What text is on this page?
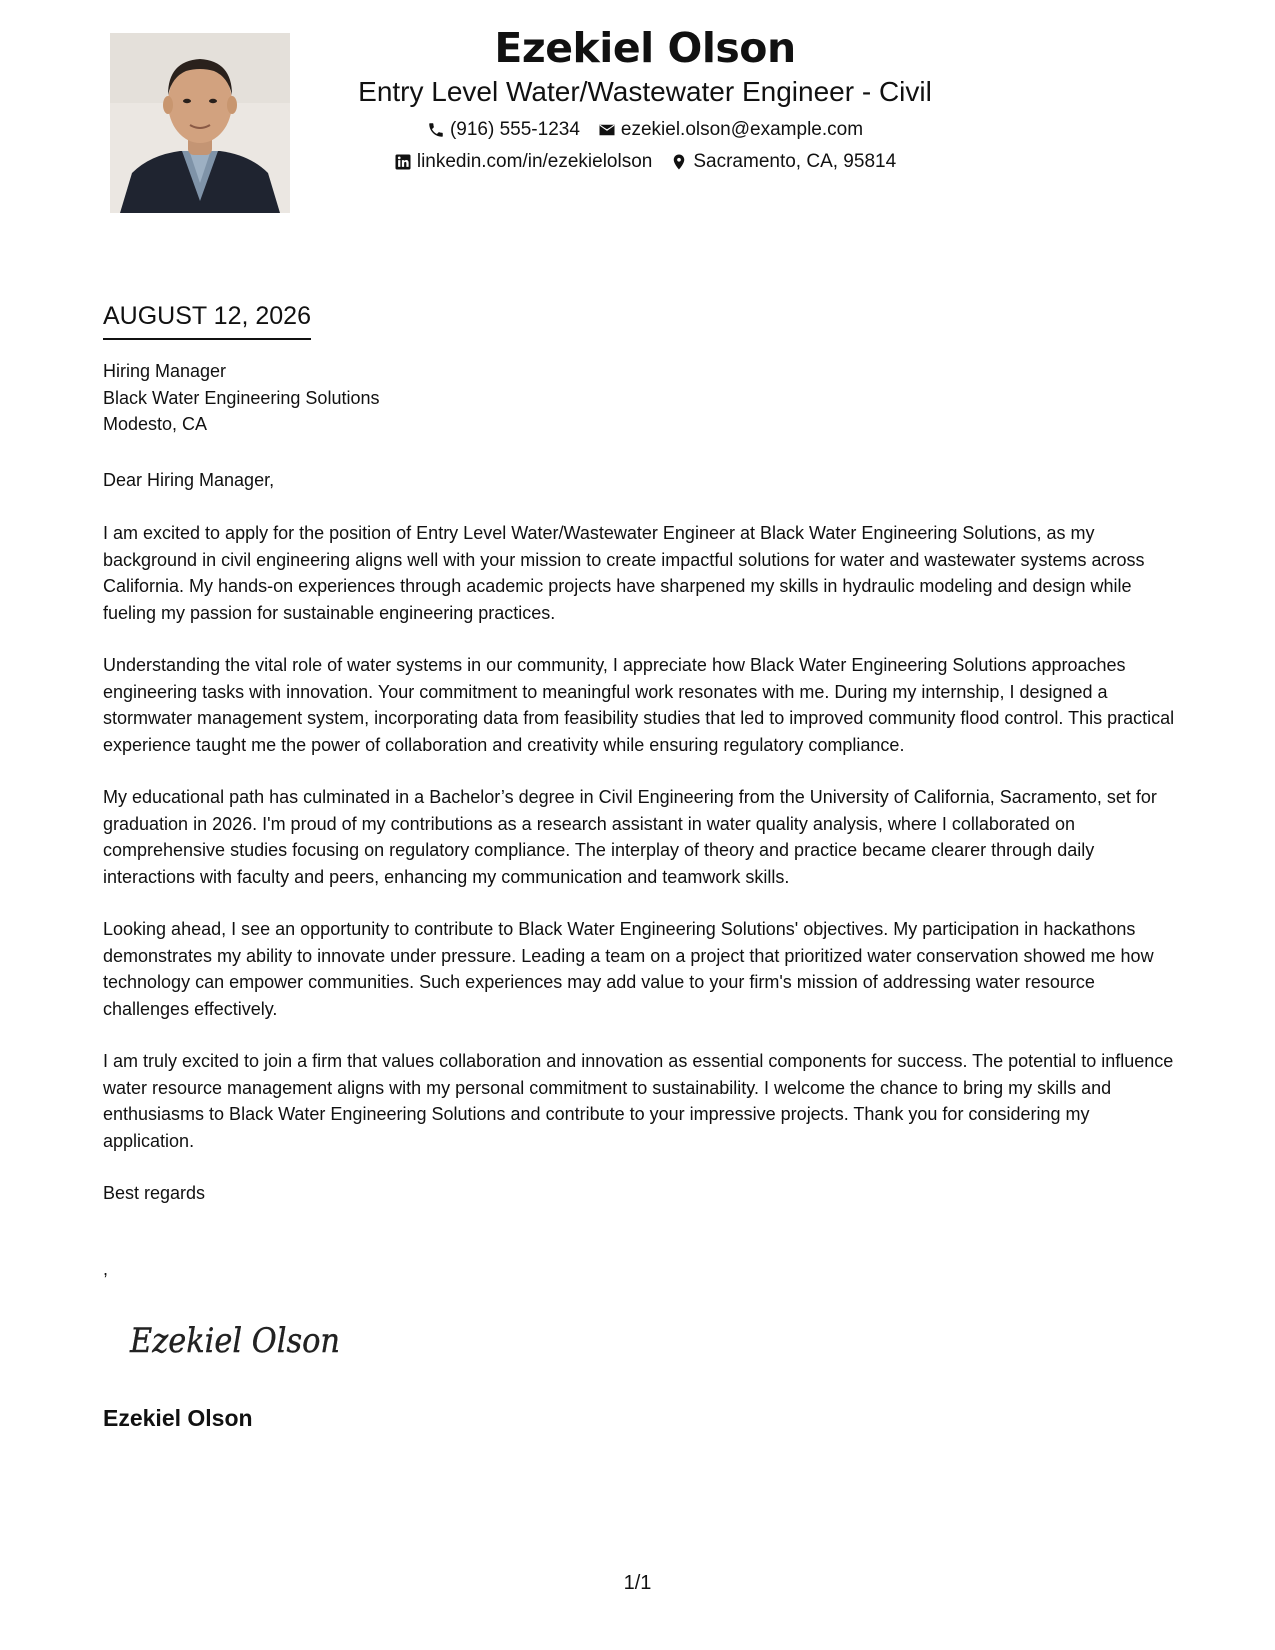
Ezekiel Olson
Entry Level Water/Wastewater Engineer - Civil
(916) 555-1234 ezekiel.olson@example.com
linkedin.com/in/ezekielolson Sacramento, CA, 95814
AUGUST 12, 2026
Hiring Manager
Black Water Engineering Solutions
Modesto, CA
Dear Hiring Manager,

I am excited to apply for the position of Entry Level Water/Wastewater Engineer at Black Water Engineering Solutions, as my background in civil engineering aligns well with your mission to create impactful solutions for water and wastewater systems across California. My hands-on experiences through academic projects have sharpened my skills in hydraulic modeling and design while fueling my passion for sustainable engineering practices.

Understanding the vital role of water systems in our community, I appreciate how Black Water Engineering Solutions approaches engineering tasks with innovation. Your commitment to meaningful work resonates with me. During my internship, I designed a stormwater management system, incorporating data from feasibility studies that led to improved community flood control. This practical experience taught me the power of collaboration and creativity while ensuring regulatory compliance.

My educational path has culminated in a Bachelor’s degree in Civil Engineering from the University of California, Sacramento, set for graduation in 2026. I'm proud of my contributions as a research assistant in water quality analysis, where I collaborated on comprehensive studies focusing on regulatory compliance. The interplay of theory and practice became clearer through daily interactions with faculty and peers, enhancing my communication and teamwork skills.

Looking ahead, I see an opportunity to contribute to Black Water Engineering Solutions' objectives. My participation in hackathons demonstrates my ability to innovate under pressure. Leading a team on a project that prioritized water conservation showed me how technology can empower communities. Such experiences may add value to your firm's mission of addressing water resource challenges effectively.

I am truly excited to join a firm that values collaboration and innovation as essential components for success. The potential to influence water resource management aligns with my personal commitment to sustainability. I welcome the chance to bring my skills and enthusiasms to Black Water Engineering Solutions and contribute to your impressive projects. Thank you for considering my application.

Best regards
,
Ezekiel Olson
Ezekiel Olson
1/1
